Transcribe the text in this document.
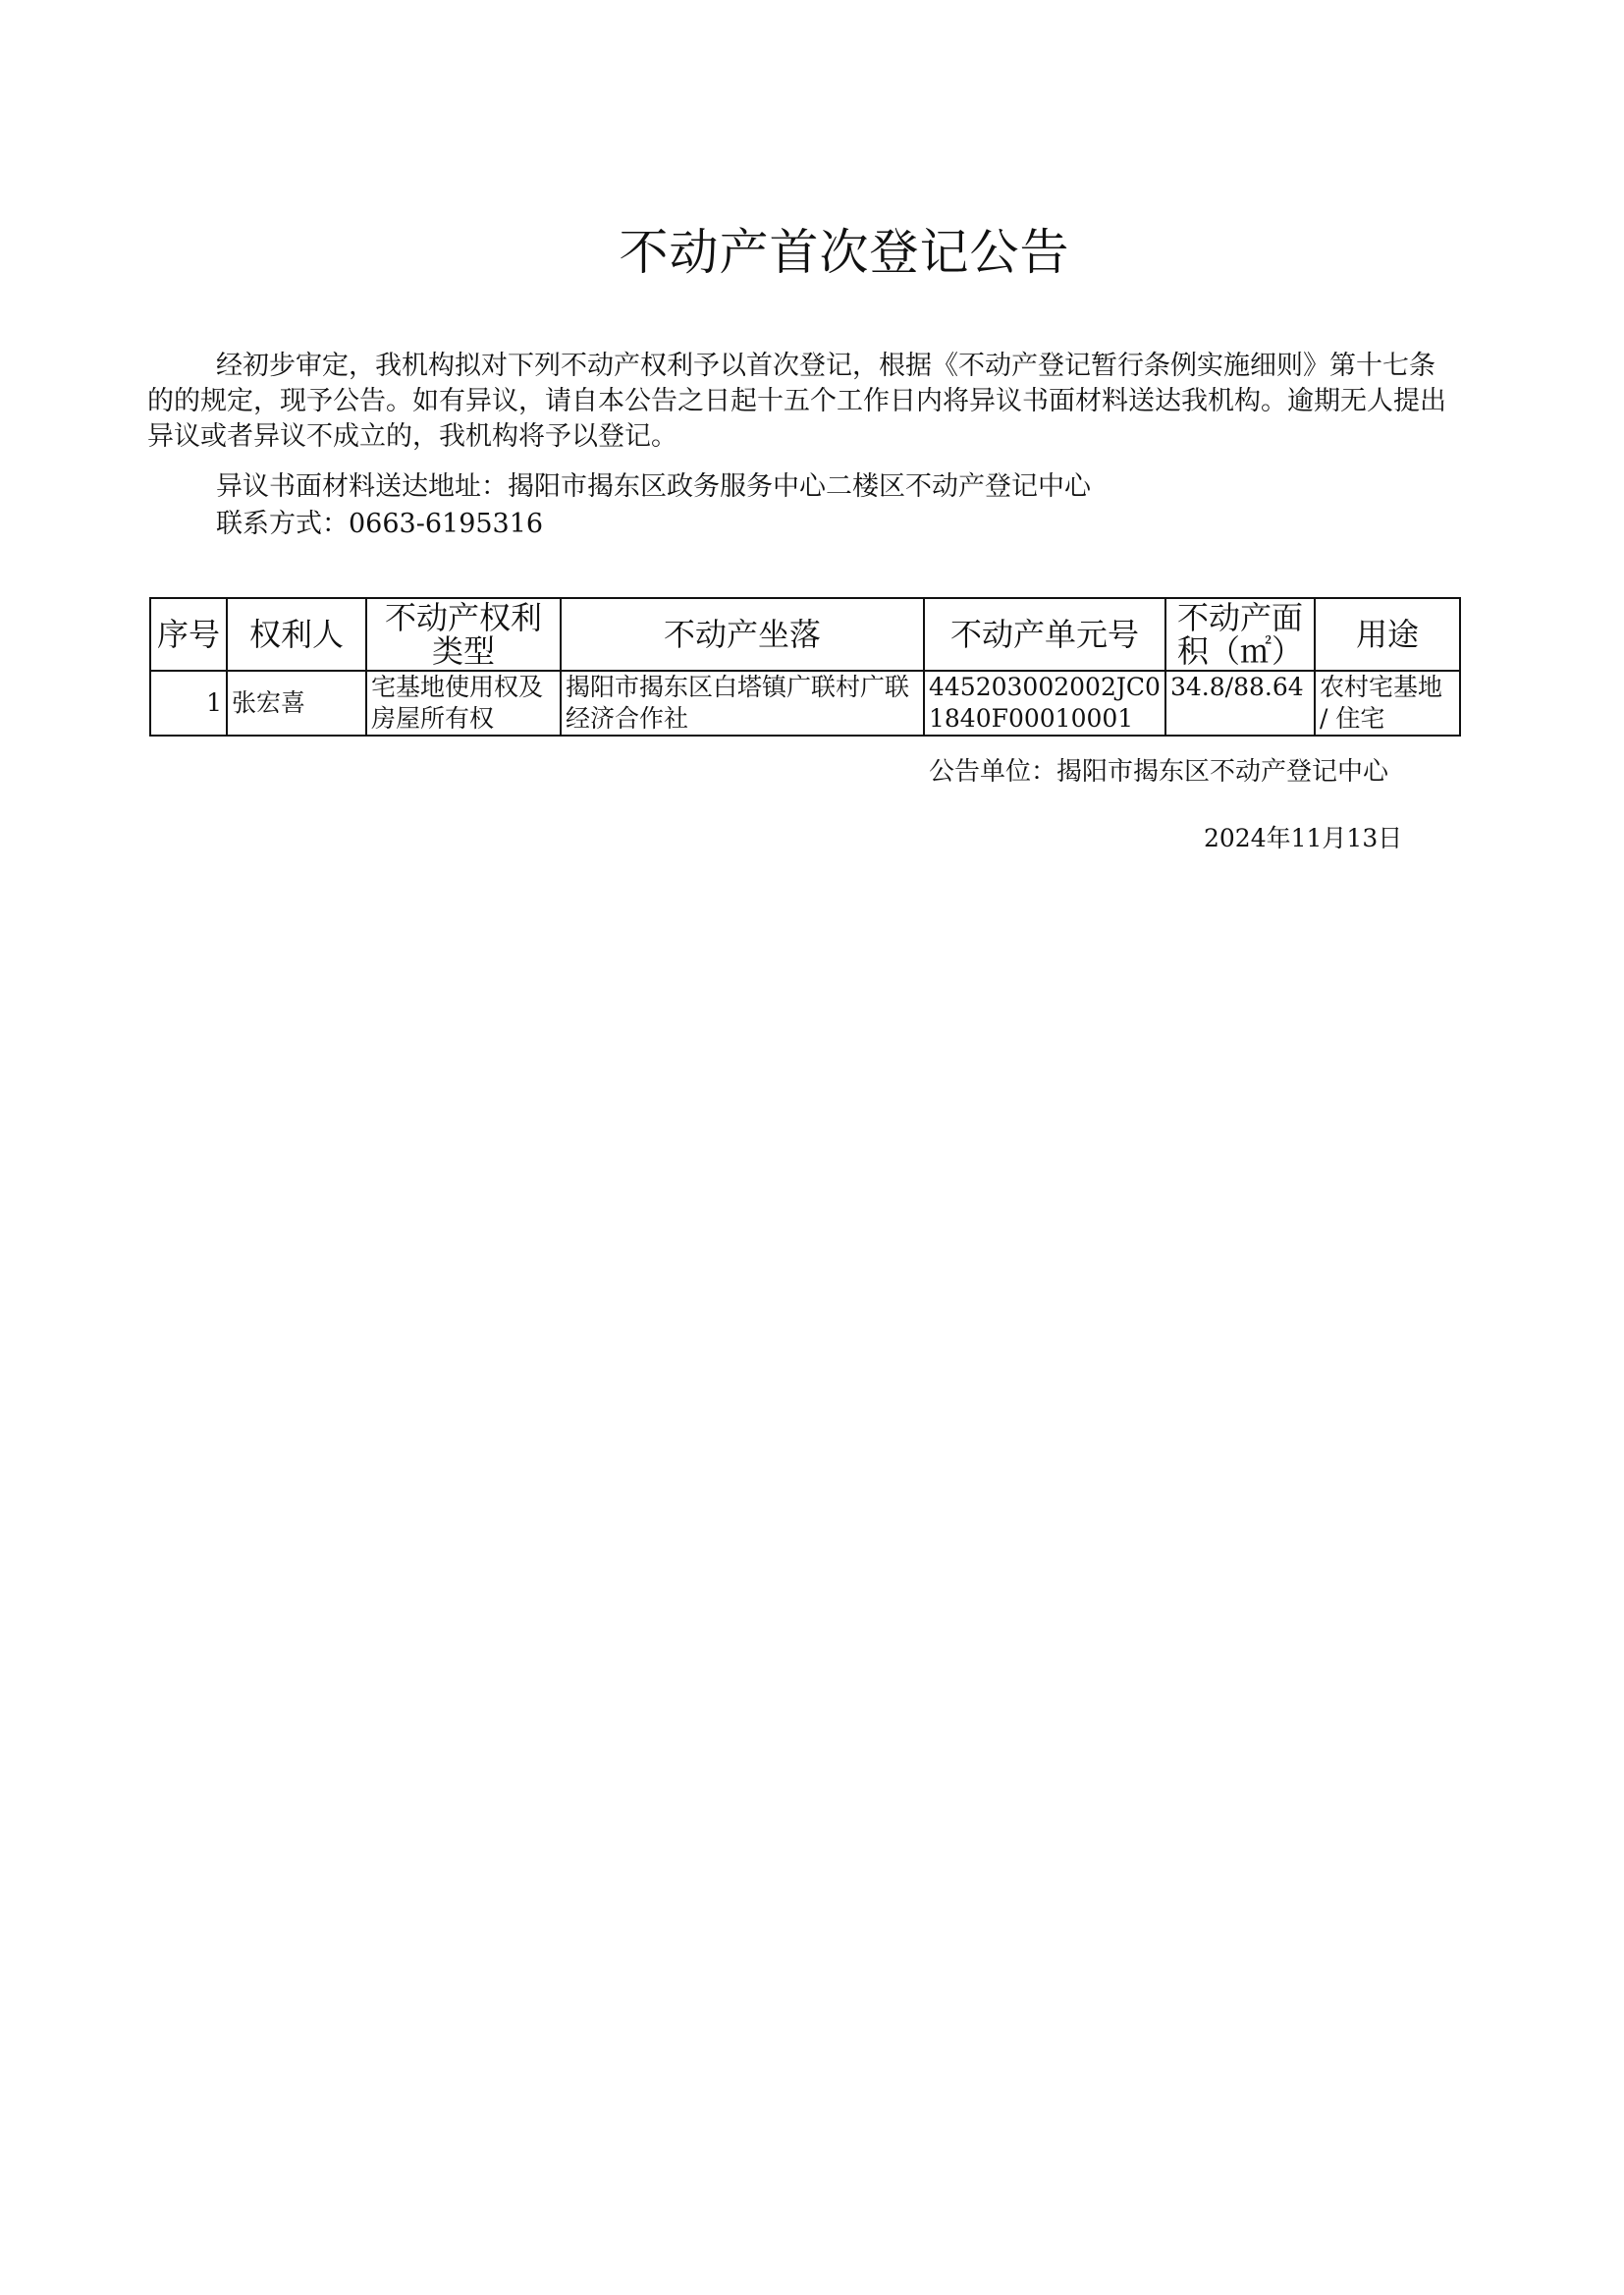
不动产首次登记公告
经初步审定，我机构拟对下列不动产权利予以首次登记，根据《不动产登记暂行条例实施细则》第十七条的的规定，现予公告。如有异议，请自本公告之日起十五个工作日内将异议书面材料送达我机构。逾期无人提出异议或者异议不成立的，我机构将予以登记。
异议书面材料送达地址：揭阳市揭东区政务服务中心二楼区不动产登记中心
联系方式：0663-6195316
序号	权利人	不动产权利类型	不动产坐落	不动产单元号	不动产面积（㎡）	用途
1	张宏喜	宅基地使用权及房屋所有权	揭阳市揭东区白塔镇广联村广联经济合作社	445203002002JC01840F00010001	34.8/88.64	农村宅基地 / 住宅
公告单位：揭阳市揭东区不动产登记中心
2024年11月13日
